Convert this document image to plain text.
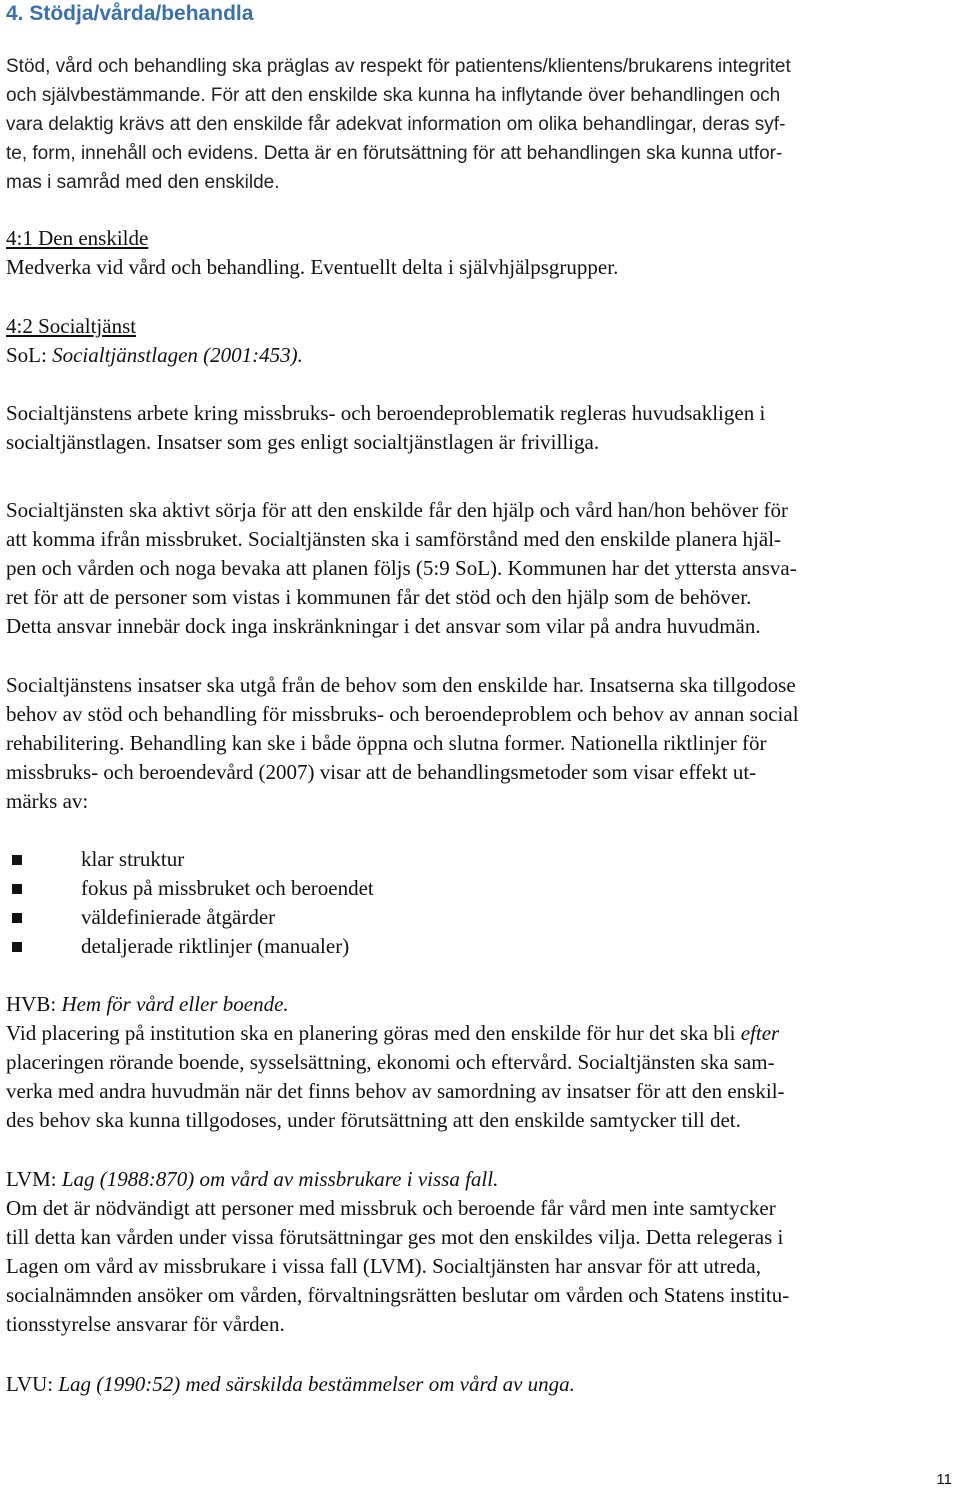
4. Stödja/vårda/behandla
Stöd, vård och behandling ska präglas av respekt för patientens/klientens/brukarens integritet
och självbestämmande. För att den enskilde ska kunna ha inflytande över behandlingen och
vara delaktig krävs att den enskilde får adekvat information om olika behandlingar, deras syf-
te, form, innehåll och evidens. Detta är en förutsättning för att behandlingen ska kunna utfor-
mas i samråd med den enskilde.
4:1 Den enskilde
Medverka vid vård och behandling. Eventuellt delta i självhjälpsgrupper.
4:2 Socialtjänst
SoL: Socialtjänstlagen (2001:453).
Socialtjänstens arbete kring missbruks- och beroendeproblematik regleras huvudsakligen i
socialtjänstlagen. Insatser som ges enligt socialtjänstlagen är frivilliga.
Socialtjänsten ska aktivt sörja för att den enskilde får den hjälp och vård han/hon behöver för
att komma ifrån missbruket. Socialtjänsten ska i samförstånd med den enskilde planera hjäl-
pen och vården och noga bevaka att planen följs (5:9 SoL). Kommunen har det yttersta ansva-
ret för att de personer som vistas i kommunen får det stöd och den hjälp som de behöver.
Detta ansvar innebär dock inga inskränkningar i det ansvar som vilar på andra huvudmän.
Socialtjänstens insatser ska utgå från de behov som den enskilde har. Insatserna ska tillgodose
behov av stöd och behandling för missbruks- och beroendeproblem och behov av annan social
rehabilitering. Behandling kan ske i både öppna och slutna former. Nationella riktlinjer för
missbruks- och beroendevård (2007) visar att de behandlingsmetoder som visar effekt ut-
märks av:
klar struktur
fokus på missbruket och beroendet
väldefinierade åtgärder
detaljerade riktlinjer (manualer)
HVB: Hem för vård eller boende.
Vid placering på institution ska en planering göras med den enskilde för hur det ska bli efter
placeringen rörande boende, sysselsättning, ekonomi och eftervård. Socialtjänsten ska sam-
verka med andra huvudmän när det finns behov av samordning av insatser för att den enskil-
des behov ska kunna tillgodoses, under förutsättning att den enskilde samtycker till det.
LVM: Lag (1988:870) om vård av missbrukare i vissa fall.
Om det är nödvändigt att personer med missbruk och beroende får vård men inte samtycker
till detta kan vården under vissa förutsättningar ges mot den enskildes vilja. Detta relegeras i
Lagen om vård av missbrukare i vissa fall (LVM). Socialtjänsten har ansvar för att utreda,
socialnämnden ansöker om vården, förvaltningsrätten beslutar om vården och Statens institu-
tionsstyrelse ansvarar för vården.
LVU: Lag (1990:52) med särskilda bestämmelser om vård av unga.
11
